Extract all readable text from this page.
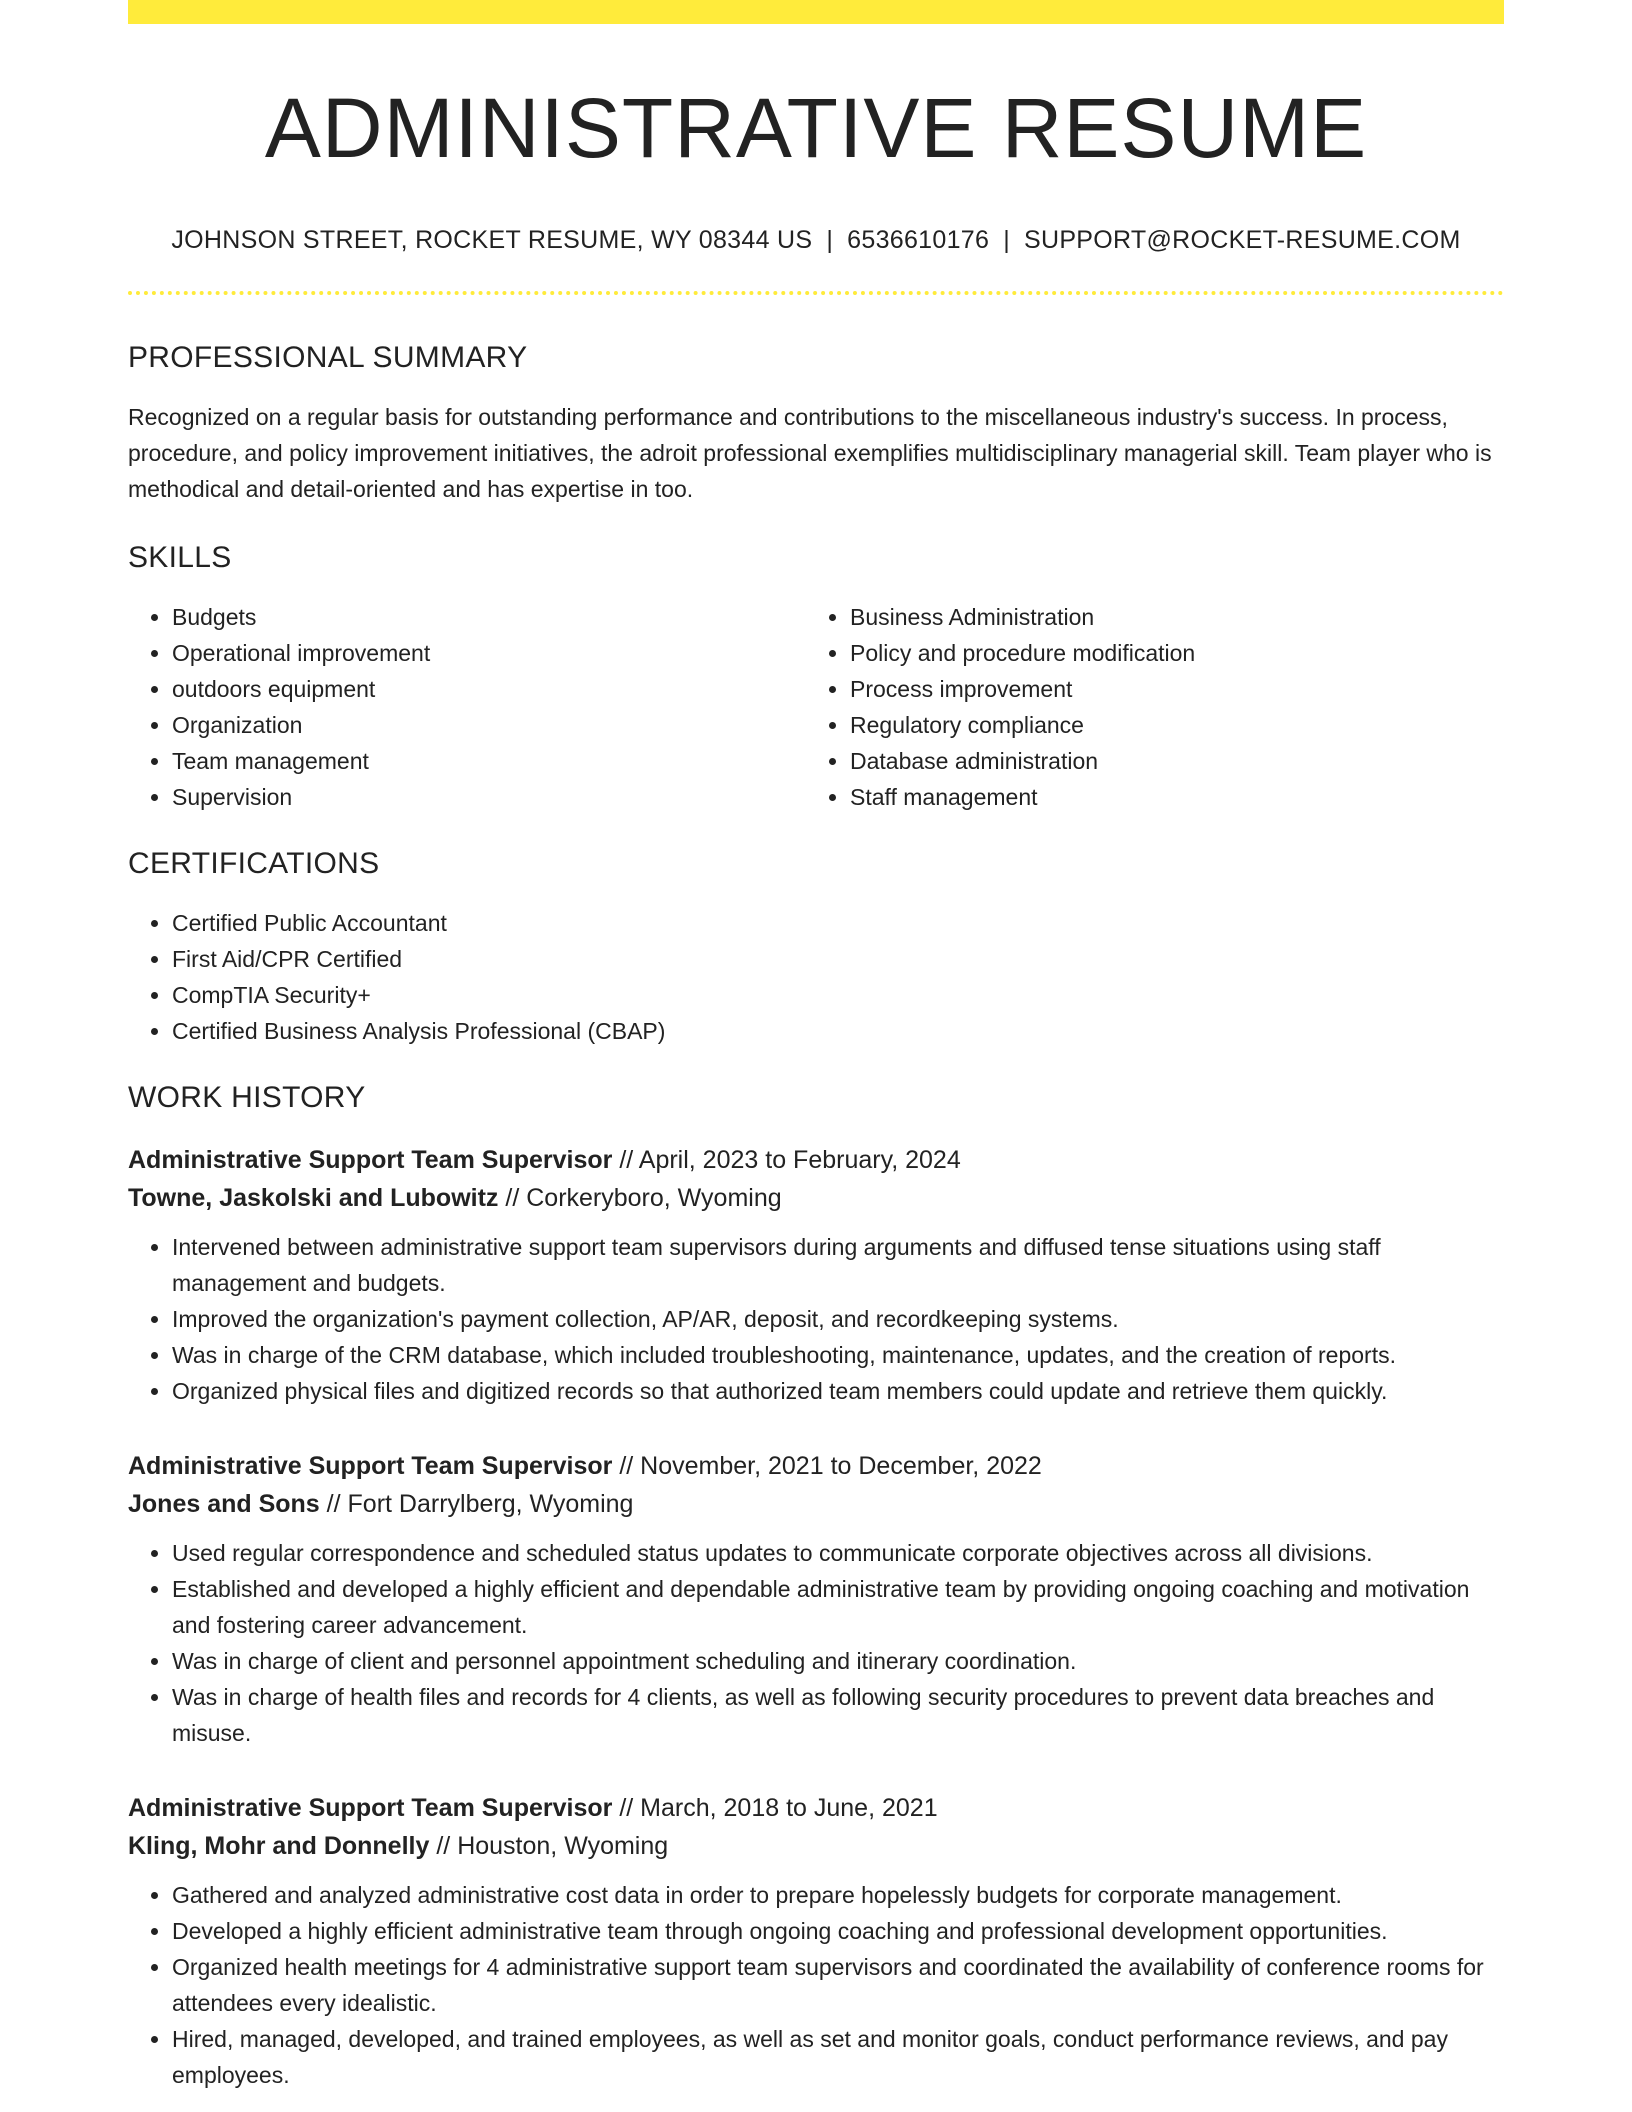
ADMINISTRATIVE RESUME
JOHNSON STREET, ROCKET RESUME, WY 08344 US | 6536610176 | SUPPORT@ROCKET-RESUME.COM
PROFESSIONAL SUMMARY
Recognized on a regular basis for outstanding performance and contributions to the miscellaneous industry's success. In process, procedure, and policy improvement initiatives, the adroit professional exemplifies multidisciplinary managerial skill. Team player who is methodical and detail-oriented and has expertise in too.
SKILLS
• Budgets
• Operational improvement
• outdoors equipment
• Organization
• Team management
• Supervision
• Business Administration
• Policy and procedure modification
• Process improvement
• Regulatory compliance
• Database administration
• Staff management
CERTIFICATIONS
• Certified Public Accountant
• First Aid/CPR Certified
• CompTIA Security+
• Certified Business Analysis Professional (CBAP)
WORK HISTORY
Administrative Support Team Supervisor // April, 2023 to February, 2024
Towne, Jaskolski and Lubowitz // Corkeryboro, Wyoming
• Intervened between administrative support team supervisors during arguments and diffused tense situations using staff management and budgets.
• Improved the organization's payment collection, AP/AR, deposit, and recordkeeping systems.
• Was in charge of the CRM database, which included troubleshooting, maintenance, updates, and the creation of reports.
• Organized physical files and digitized records so that authorized team members could update and retrieve them quickly.
Administrative Support Team Supervisor // November, 2021 to December, 2022
Jones and Sons // Fort Darrylberg, Wyoming
• Used regular correspondence and scheduled status updates to communicate corporate objectives across all divisions.
• Established and developed a highly efficient and dependable administrative team by providing ongoing coaching and motivation and fostering career advancement.
• Was in charge of client and personnel appointment scheduling and itinerary coordination.
• Was in charge of health files and records for 4 clients, as well as following security procedures to prevent data breaches and misuse.
Administrative Support Team Supervisor // March, 2018 to June, 2021
Kling, Mohr and Donnelly // Houston, Wyoming
• Gathered and analyzed administrative cost data in order to prepare hopelessly budgets for corporate management.
• Developed a highly efficient administrative team through ongoing coaching and professional development opportunities.
• Organized health meetings for 4 administrative support team supervisors and coordinated the availability of conference rooms for attendees every idealistic.
• Hired, managed, developed, and trained employees, as well as set and monitor goals, conduct performance reviews, and pay employees.
